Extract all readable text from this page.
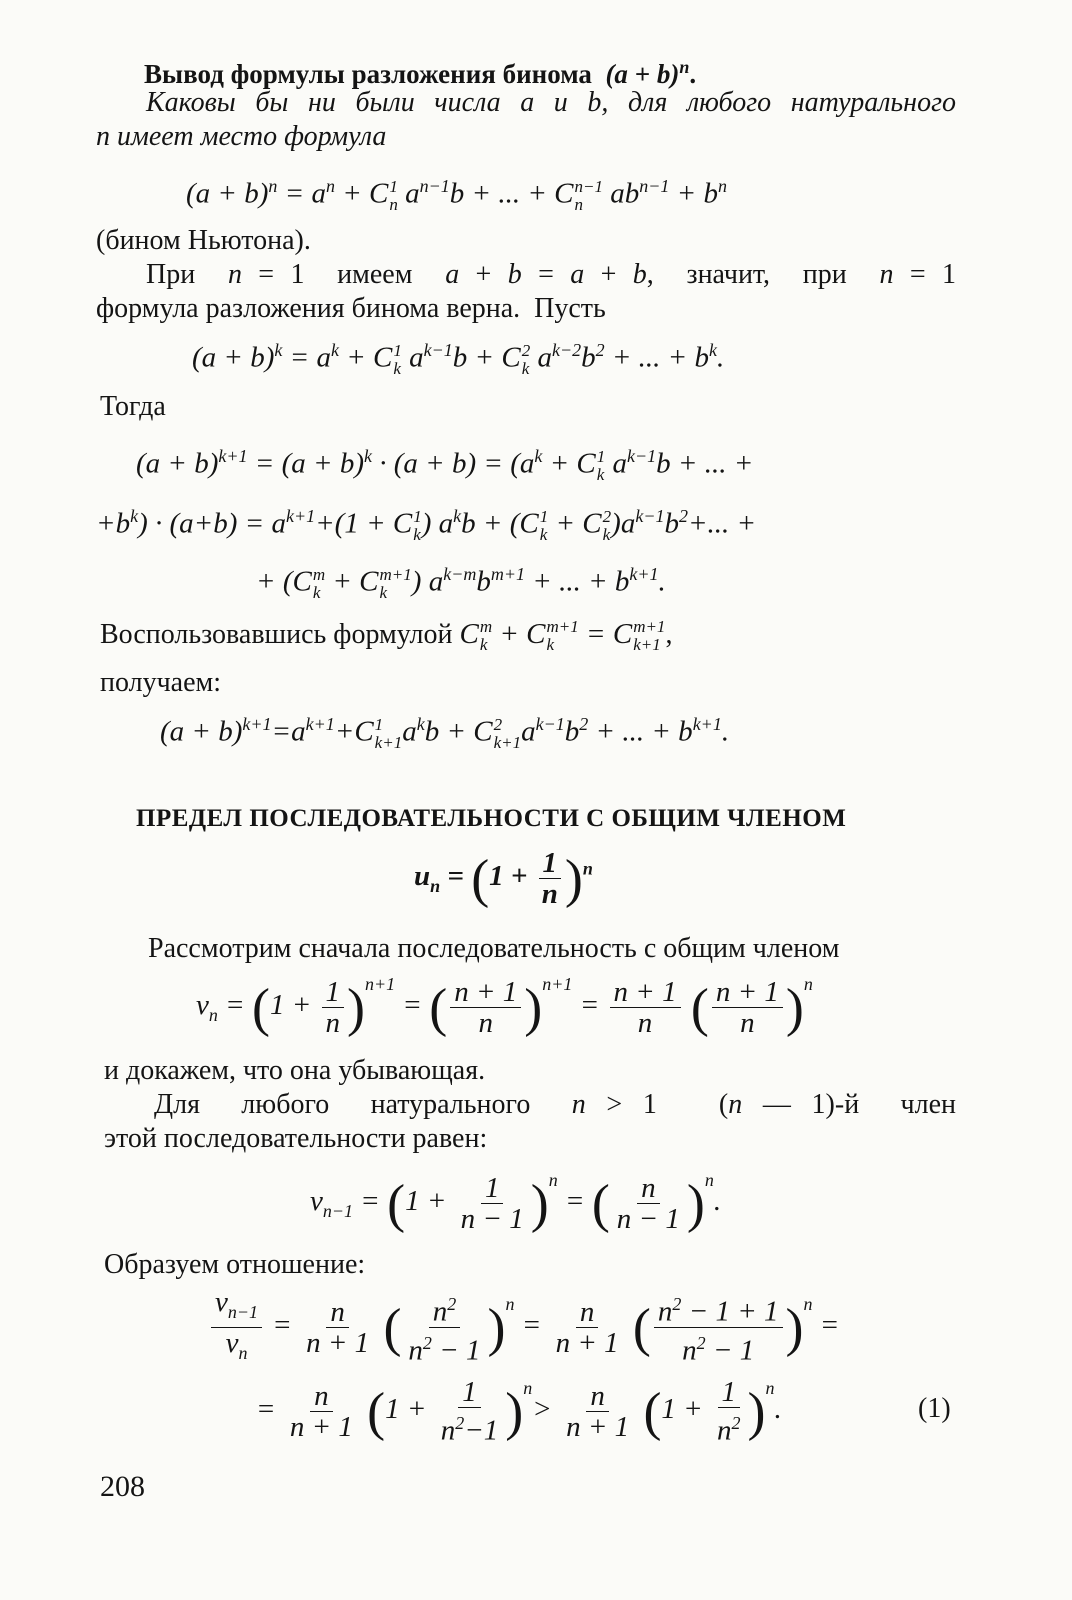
Вывод формулы разложения бинома  $(a + b)^n$.
Каковы бы ни были числа a и b, для любого натурального
n имеет место формула
$(a + b)^n = a^n + C$ 1
n $a^{n-1}b$ + ... + C n−1
n $ab^{n-1} + b^n$
(бином Ньютона).
При  n = 1  имеем  a + b = a + b,  значит,  при  n = 1
формула разложения бинома верна.  Пусть
$(a + b)^k = a^k + C$ 1
k $a^{k-1}b + C$ 2
k $a^{k-2}b^2$ + ... + $b^k$.
Тогда
$(a + b)^{k+1} = (a + b)^k \cdot (a + b) = (a^k + C$ 1
k $a^{k-1}b$ + ... +
$+b^k) \cdot (a+b) = a^{k+1}+(1 + C$ 1
k ) $a^kb + (C$ 1
k + C 2
k )$a^{k-1}b^2+$... +
+ (C m
k + C m+1
k ) $a^{k-m}b^{m+1}$ + ... + $b^{k+1}$.
Воспользовавшись формулой C m
k + C m+1
k = C m+1
k+1 ,
получаем:
$(a + b)^{k+1}=a^{k+1}+C$ 1
k+1 $a^kb + C$ 2
k+1 $a^{k-1}b^2$ + ... + $b^{k+1}$.
ПРЕДЕЛ ПОСЛЕДОВАТЕЛЬНОСТИ С ОБЩИМ ЧЛЕНОМ
$u_n = (1 + \frac{1}{n} )^n$
Рассмотрим сначала последовательность с общим членом
$v_n = (1 + \frac{1}{n} )^{n+1}$ = ( $\frac{n + 1}{n} )^{n+1} = \frac{n + 1}{n}$ ( $\frac{n + 1}{n} )^n$
и докажем, что она убывающая.
Для  любого  натурального  n > 1   (n — 1)-й  член
этой последовательности равен:
$v_{n-1} = (1 + \frac{1}{n - 1} )^n$ = ( $\frac{n}{n - 1} )^n$.
Образуем отношение:
$\frac{v_{n-1}}{v_n} = \frac{n}{n + 1}$ ( $\frac{n^2}{n^2 - 1} )^n = \frac{n}{n + 1}$ ( $\frac{n^2 - 1 + 1}{n^2 - 1} )^n$ =
= $\frac{n}{n + 1} (1 + \frac{1}{n^2-1} )^n> \frac{n}{n + 1} (1 + \frac{1}{n^2} )^n$.	(1)
208
